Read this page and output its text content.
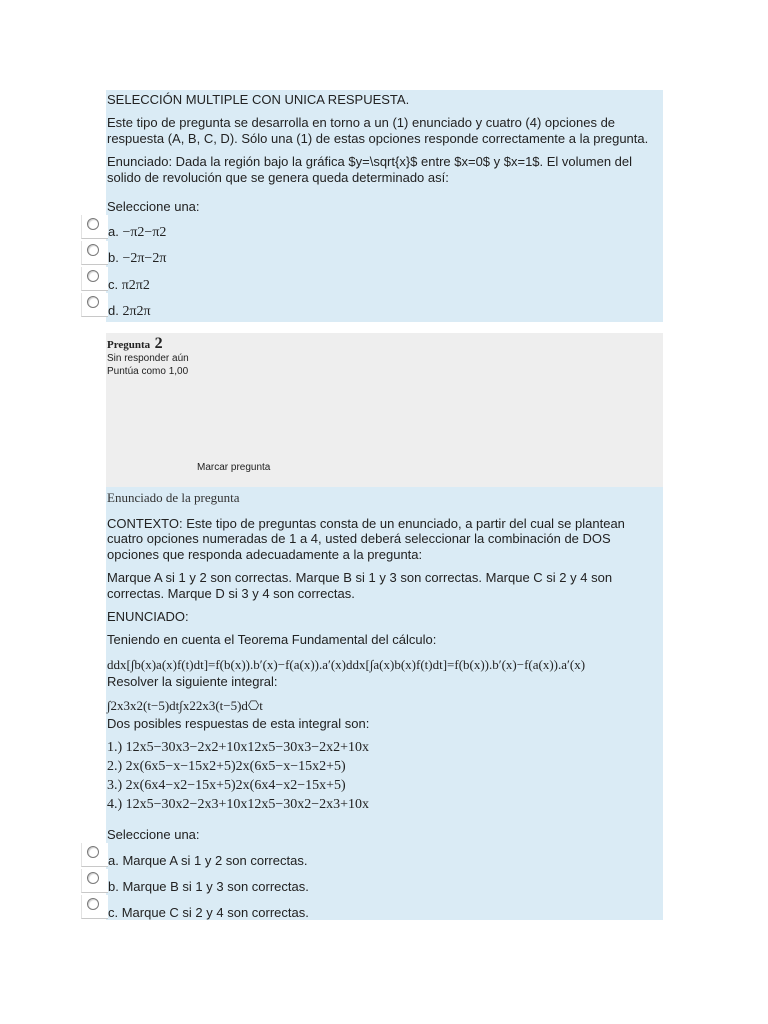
SELECCIÓN MULTIPLE CON UNICA RESPUESTA.
Este tipo de pregunta se desarrolla en torno a un (1) enunciado y cuatro (4) opciones de
respuesta (A, B, C, D). Sólo una (1) de estas opciones responde correctamente a la pregunta.
Enunciado: Dada la región bajo la gráfica $y=\sqrt{x}$ entre $x=0$ y $x=1$. El volumen del
solido de revolución que se genera queda determinado así:
Seleccione una:
a. −π2−π2
b. −2π−2π
c. π2π2
d. 2π2π
Pregunta 2
Sin responder aún
Puntúa como 1,00
Marcar pregunta
Enunciado de la pregunta
CONTEXTO: Este tipo de preguntas consta de un enunciado, a partir del cual se plantean
cuatro opciones numeradas de 1 a 4, usted deberá seleccionar la combinación de DOS
opciones que responda adecuadamente a la pregunta:
Marque A si 1 y 2 son correctas. Marque B si 1 y 3 son correctas. Marque C si 2 y 4 son
correctas. Marque D si 3 y 4 son correctas.
ENUNCIADO:
Teniendo en cuenta el Teorema Fundamental del cálculo:
ddx[∫b(x)a(x)f(t)dt]=f(b(x)).b′(x)−f(a(x)).a′(x)ddx[∫a(x)b(x)f(t)dt]=f(b(x)).b′(x)−f(a(x)).a′(x)
Resolver la siguiente integral:
∫2x3x2(t−5)dt∫x22x3(t−5)d⎔t
Dos posibles respuestas de esta integral son:
1.) 12x5−30x3−2x2+10x12x5−30x3−2x2+10x
2.) 2x(6x5−x−15x2+5)2x(6x5−x−15x2+5)
3.) 2x(6x4−x2−15x+5)2x(6x4−x2−15x+5)
4.) 12x5−30x2−2x3+10x12x5−30x2−2x3+10x
Seleccione una:
a. Marque A si 1 y 2 son correctas.
b. Marque B si 1 y 3 son correctas.
c. Marque C si 2 y 4 son correctas.
